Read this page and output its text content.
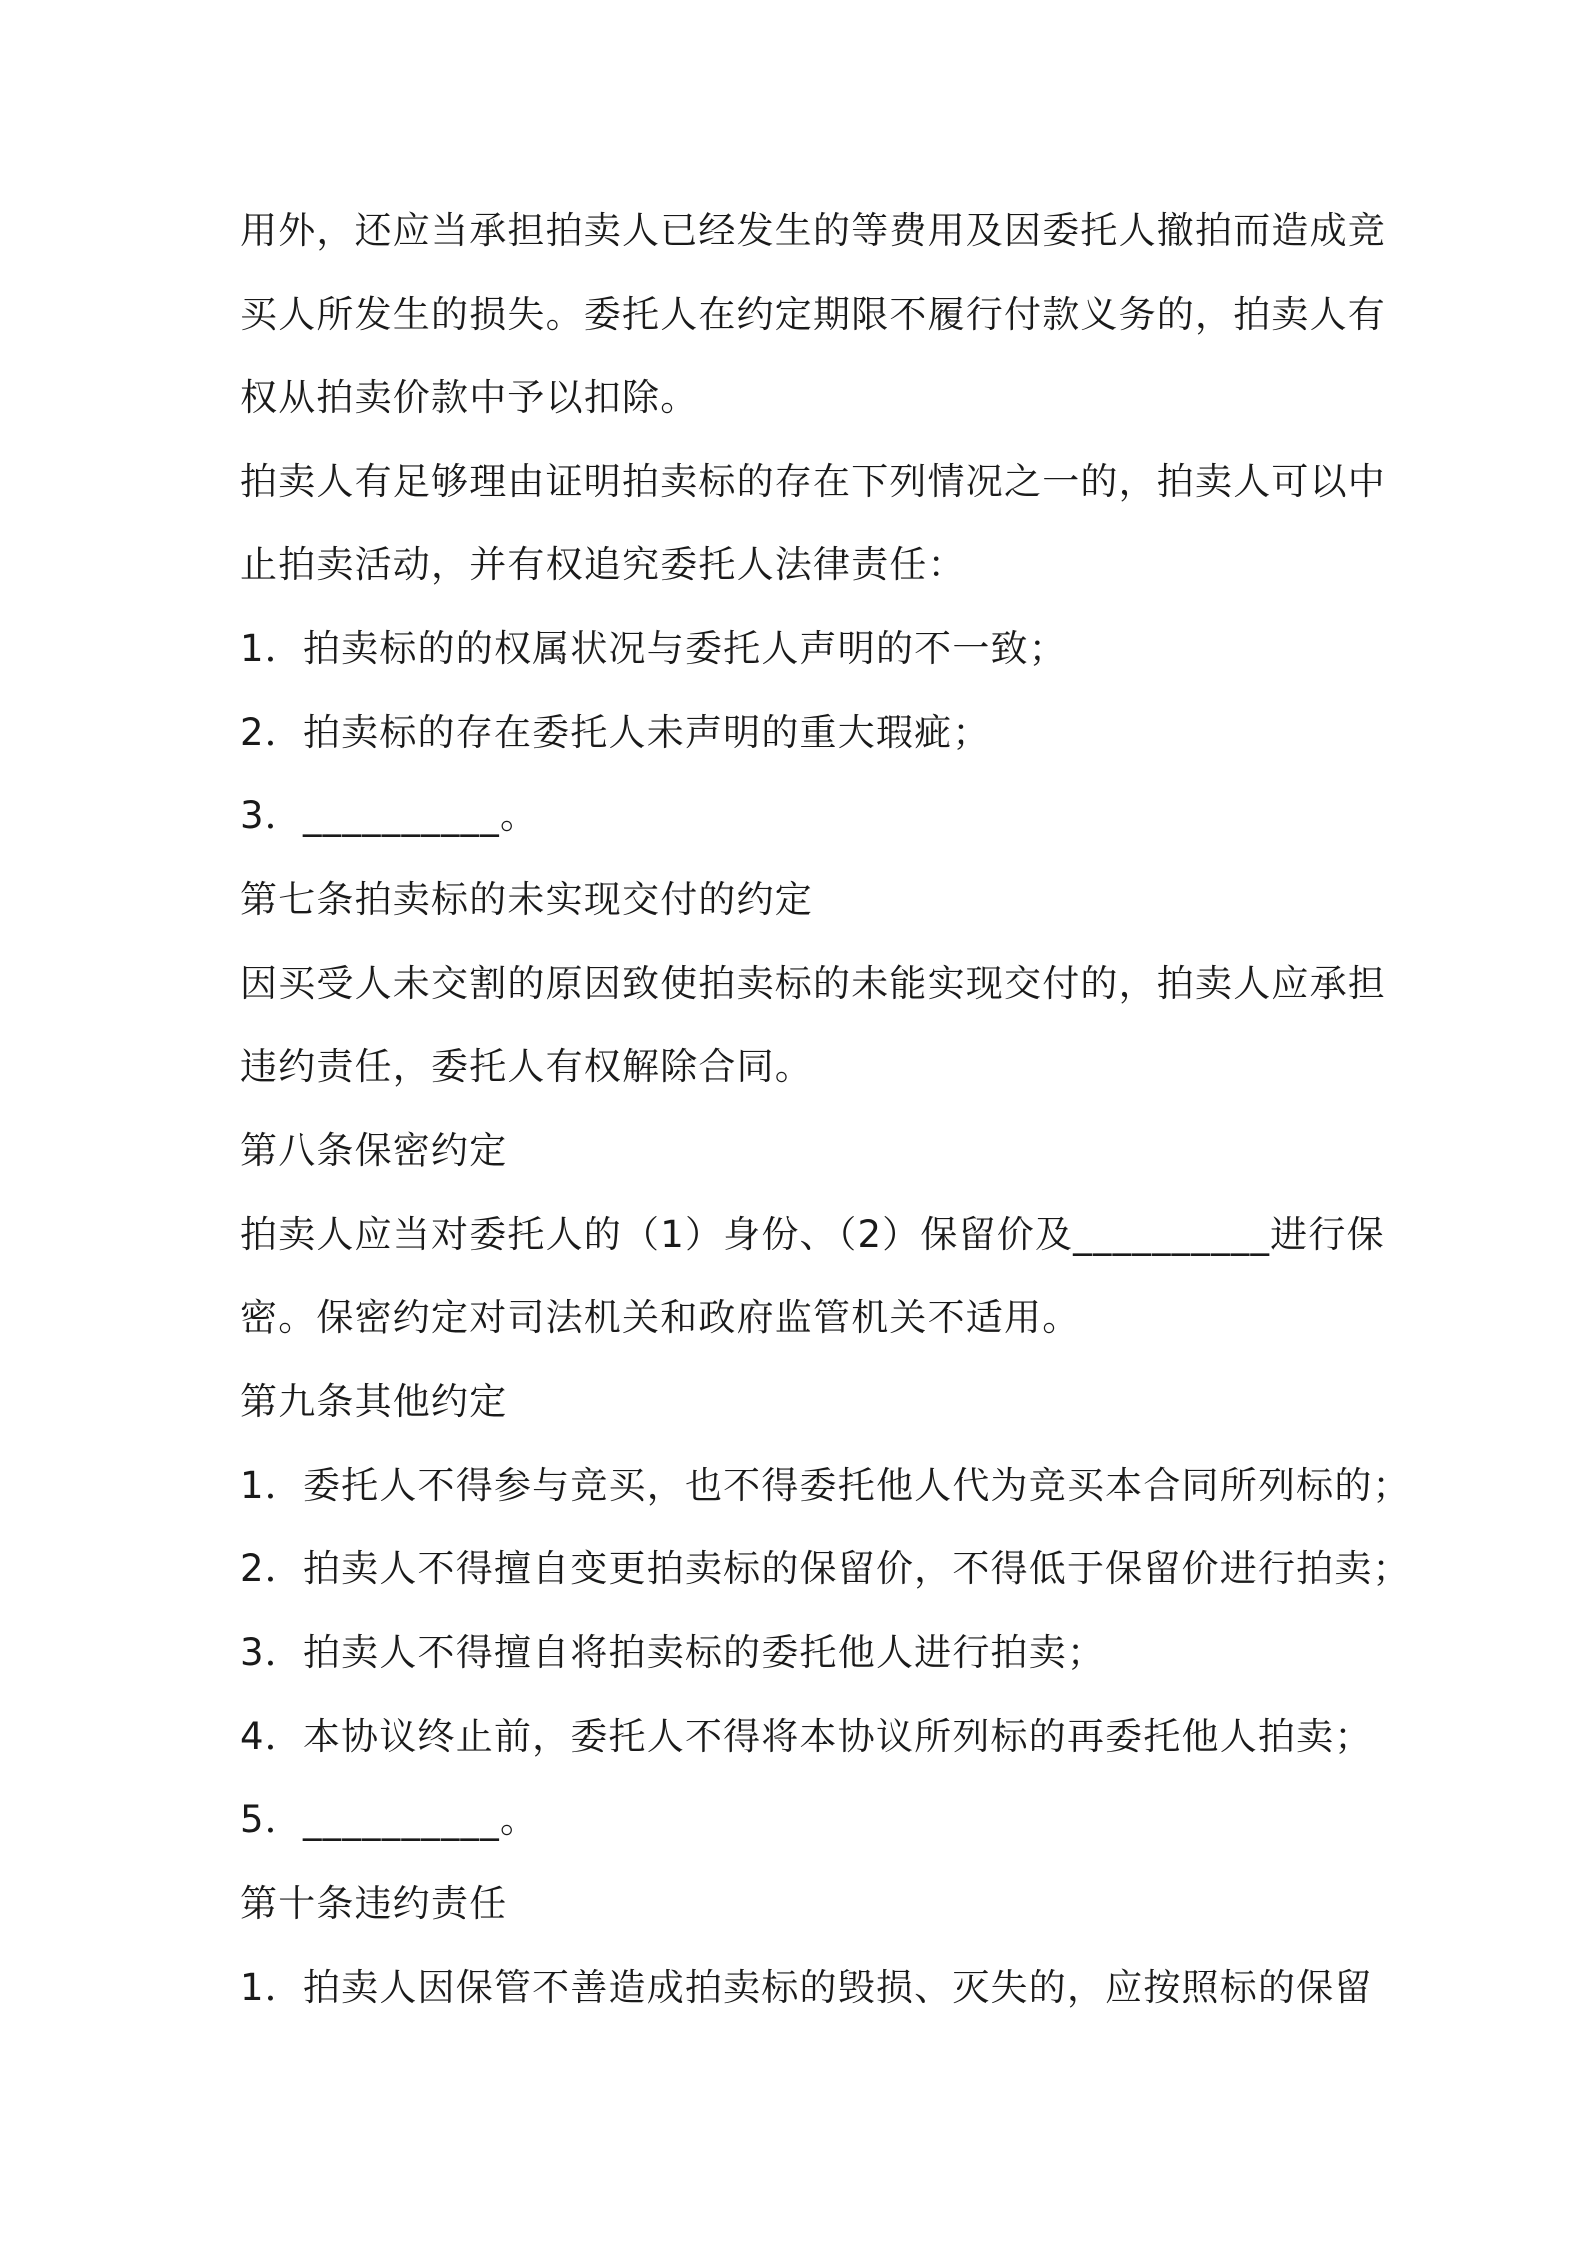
用外，还应当承担拍卖人已经发生的等费用及因委托人撤拍而造成竞
买人所发生的损失。委托人在约定期限不履行付款义务的，拍卖人有
权从拍卖价款中予以扣除。
拍卖人有足够理由证明拍卖标的存在下列情况之一的，拍卖人可以中
止拍卖活动，并有权追究委托人法律责任：
1．拍卖标的的权属状况与委托人声明的不一致；
2．拍卖标的存在委托人未声明的重大瑕疵；
3．__________。
第七条拍卖标的未实现交付的约定
因买受人未交割的原因致使拍卖标的未能实现交付的，拍卖人应承担
违约责任，委托人有权解除合同。
第八条保密约定
拍卖人应当对委托人的（1）身份、（2）保留价及__________进行保
密。保密约定对司法机关和政府监管机关不适用。
第九条其他约定
1．委托人不得参与竞买，也不得委托他人代为竞买本合同所列标的；
2．拍卖人不得擅自变更拍卖标的保留价，不得低于保留价进行拍卖；
3．拍卖人不得擅自将拍卖标的委托他人进行拍卖；
4．本协议终止前，委托人不得将本协议所列标的再委托他人拍卖；
5．__________。
第十条违约责任
1．拍卖人因保管不善造成拍卖标的毁损、灭失的，应按照标的保留
